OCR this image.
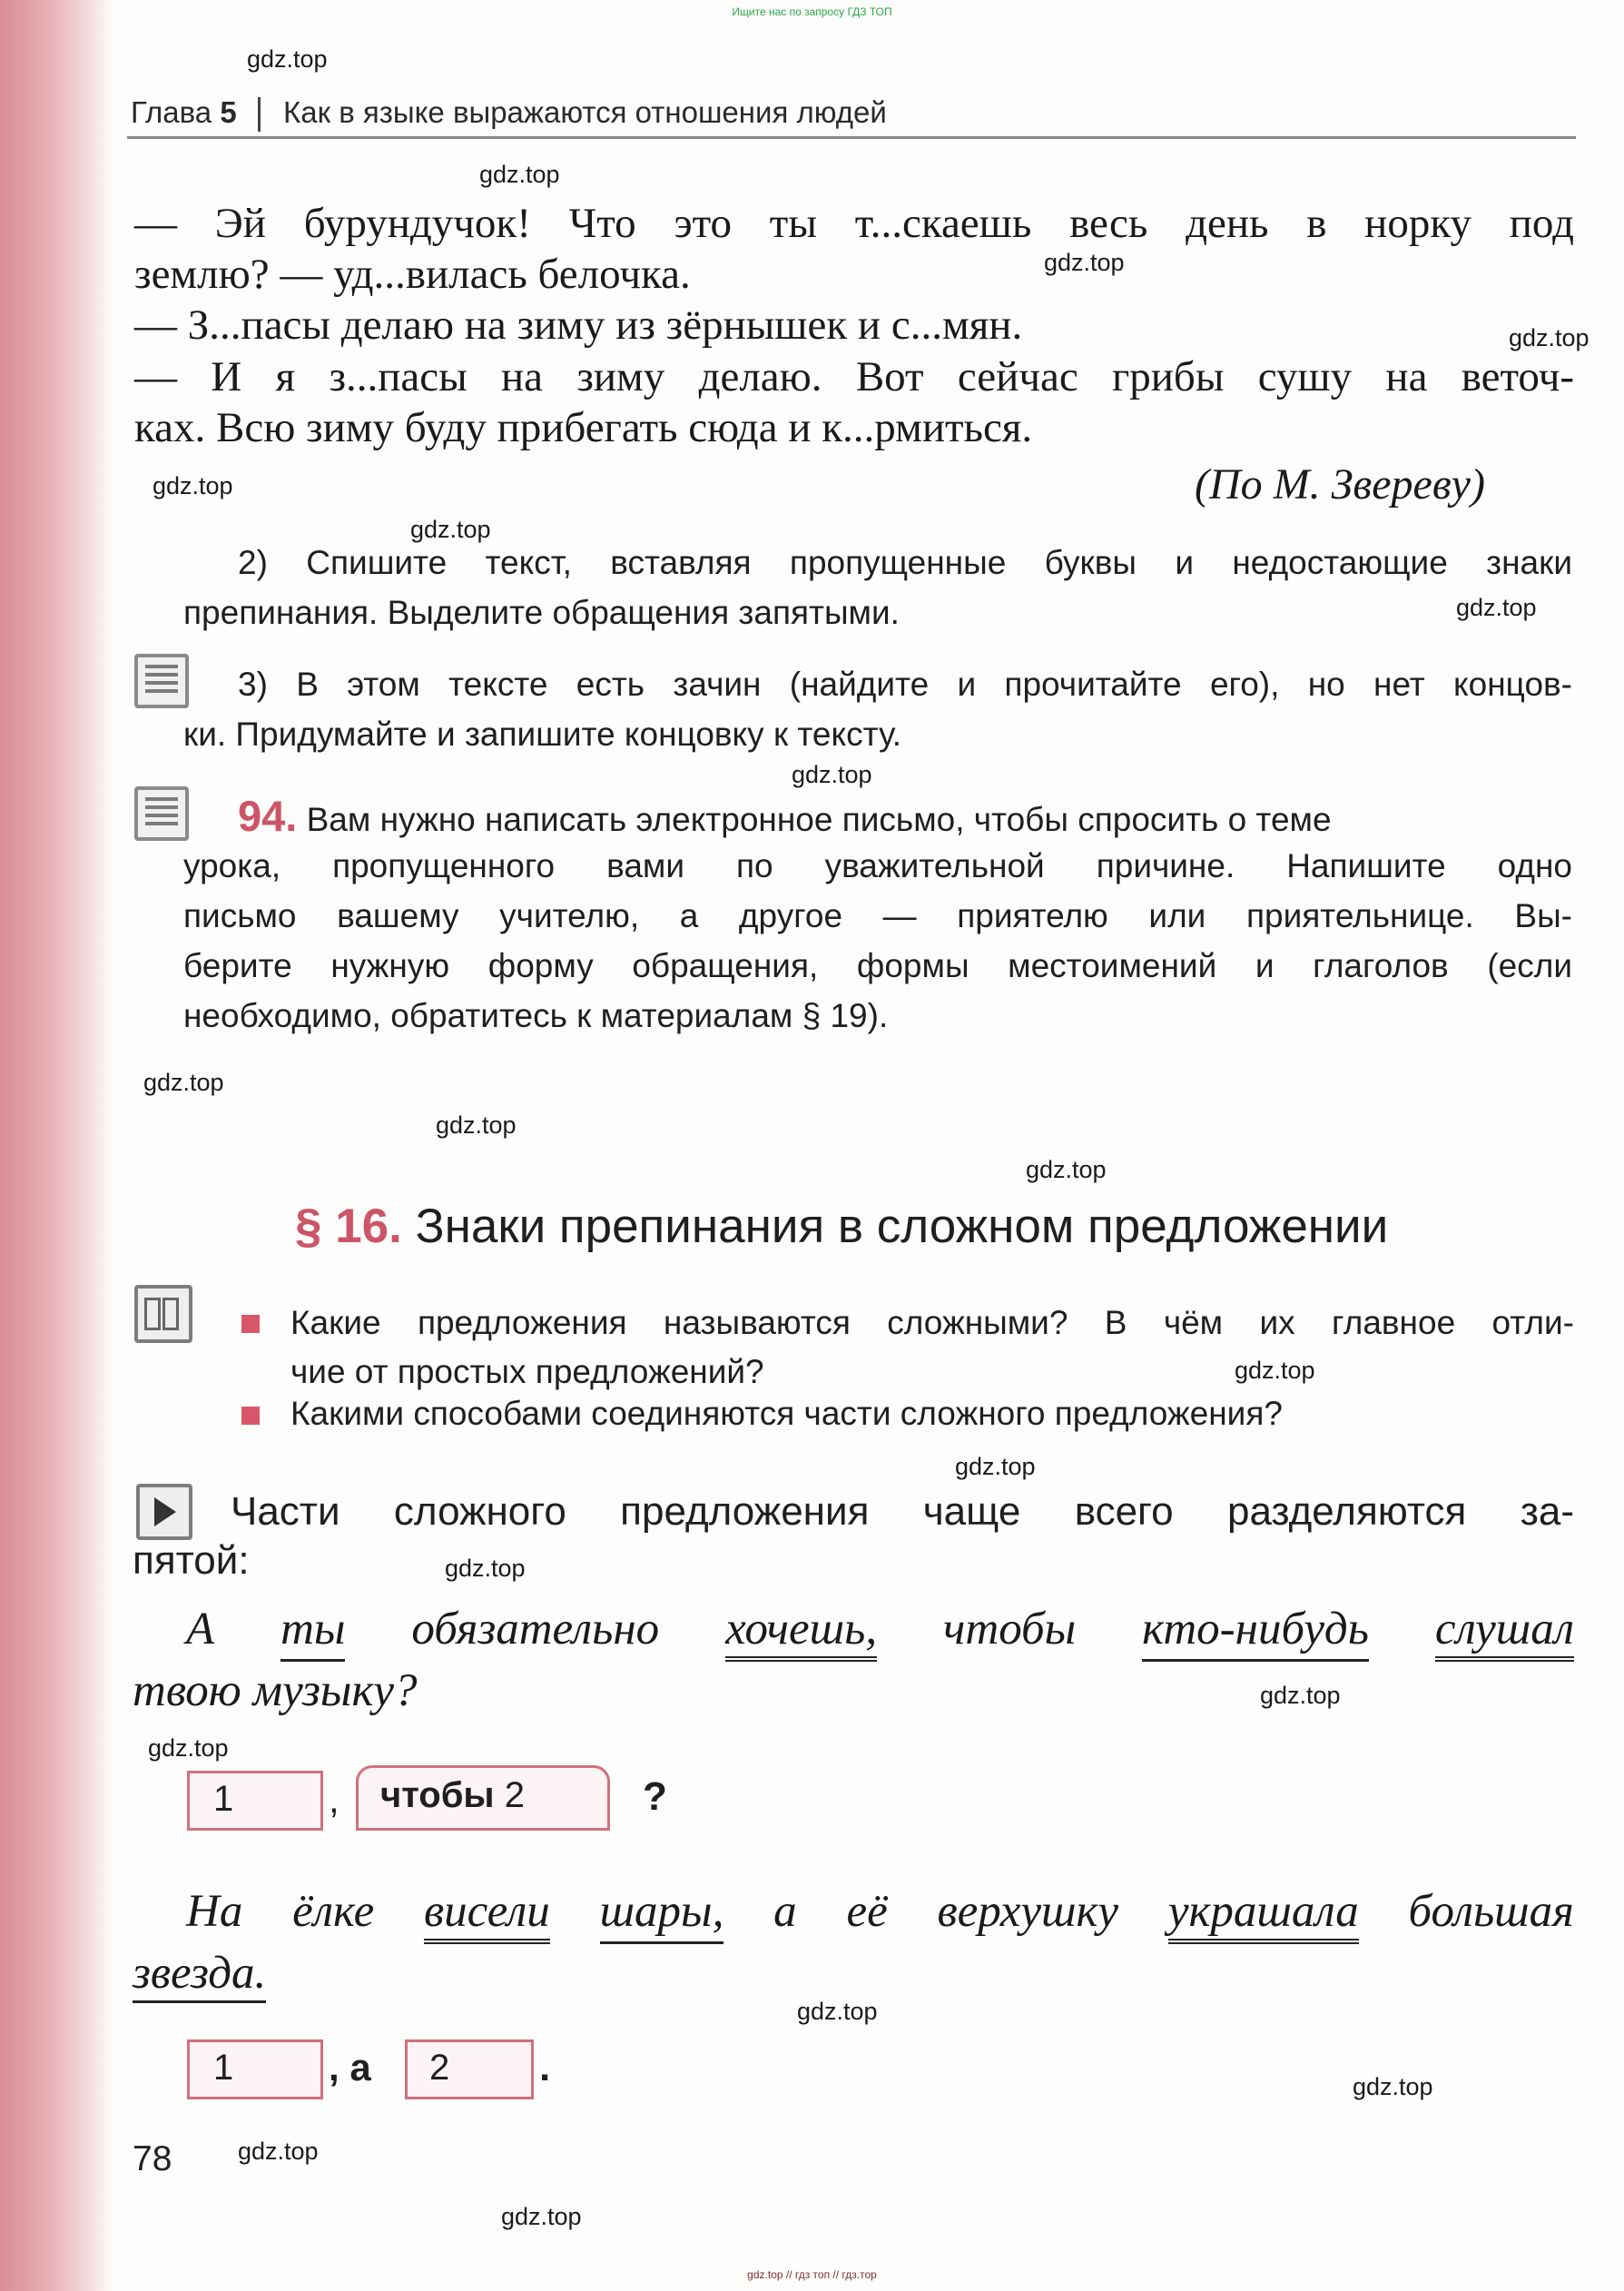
Ищите нас по запросу ГДЗ ТОП
Глава 5 Как в языке выражаются отношения людей
— Эй бурундучок! Что это ты т...скаешь весь день в норку под
землю? — уд...вилась белочка.
— З...пасы делаю на зиму из зёрнышек и с...мян.
— И я з...пасы на зиму делаю. Вот сейчас грибы сушу на веточ-
ках. Всю зиму буду прибегать сюда и к...рмиться.
(По М. Звереву)
2) Спишите текст, вставляя пропущенные буквы и недостающие знаки
препинания. Выделите обращения запятыми.
3) В этом тексте есть зачин (найдите и прочитайте его), но нет концов-
ки. Придумайте и запишите концовку к тексту.
94. Вам нужно написать электронное письмо, чтобы спросить о теме
урока, пропущенного вами по уважительной причине. Напишите одно
письмо вашему учителю, а другое — приятелю или приятельнице. Вы-
берите нужную форму обращения, формы местоимений и глаголов (если
необходимо, обратитесь к материалам § 19).
§ 16. Знаки препинания в сложном предложении
Какие предложения называются сложными? В чём их главное отли-
чие от простых предложений?
Какими способами соединяются части сложного предложения?
Части сложного предложения чаще всего разделяются за-
пятой:
А ты обязательно хочешь, чтобы кто-нибудь слушал
твою музыку?
1	,	чтобы 2	?
На ёлке висели шары, а её верхушку украшала большая
звезда.
1	, а	2	.
78
gdz.top
gdz.top
gdz.top
gdz.top
gdz.top
gdz.top
gdz.top
gdz.top
gdz.top
gdz.top
gdz.top
gdz.top
gdz.top
gdz.top
gdz.top
gdz.top
gdz.top
gdz.top
gdz.top
gdz.top
gdz.top // гдз топ // гдз.тор
